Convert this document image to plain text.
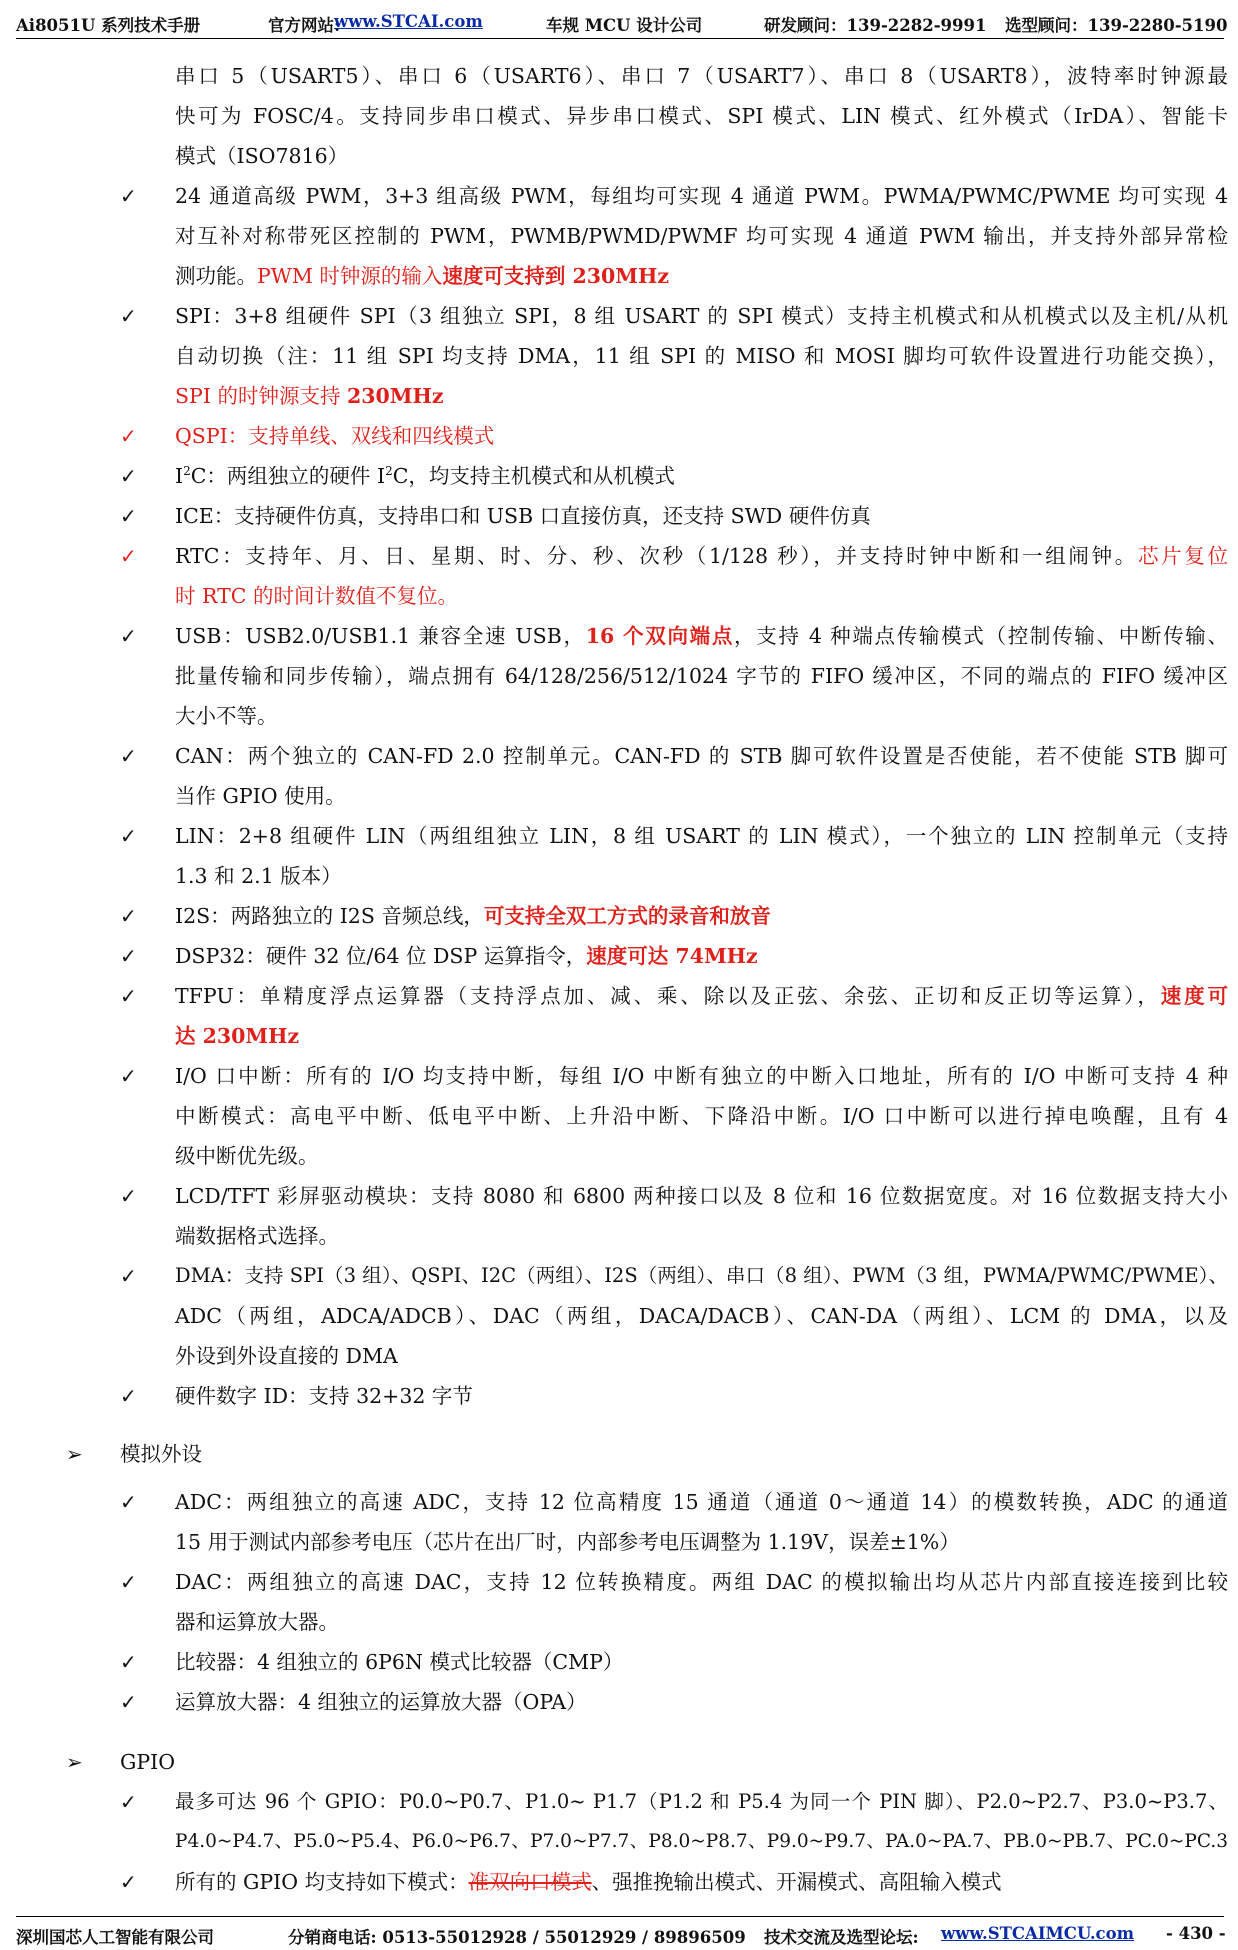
Ai8051U 系列技术手册	官方网站:
www.STCAI.com	车规 MCU 设计公司	研发顾问：139-2282-9991 选型顾问：139-2280-5190
串口 5（USART5）、串口 6（USART6）、串口 7（USART7）、串口 8（USART8），波特率时钟源最
快可为 FOSC/4。支持同步串口模式、异步串口模式、SPI 模式、LIN 模式、红外模式（IrDA）、智能卡
模式（ISO7816）
✓ 24 通道高级 PWM，3+3 组高级 PWM，每组均可实现 4 通道 PWM。PWMA/PWMC/PWME 均可实现 4
对互补对称带死区控制的 PWM，PWMB/PWMD/PWMF 均可实现 4 通道 PWM 输出，并支持外部异常检
测功能。PWM 时钟源的输入速度可支持到 230MHz
✓ SPI：3+8 组硬件 SPI（3 组独立 SPI，8 组 USART 的 SPI 模式）支持主机模式和从机模式以及主机/从机
自动切换（注：11 组 SPI 均支持 DMA，11 组 SPI 的 MISO 和 MOSI 脚均可软件设置进行功能交换），
SPI 的时钟源支持 230MHz
✓ QSPI：支持单线、双线和四线模式
✓ $I^2C$：两组独立的硬件 $I^2C$，均支持主机模式和从机模式
✓ ICE：支持硬件仿真，支持串口和 USB 口直接仿真，还支持 SWD 硬件仿真
✓ RTC：支持年、月、日、星期、时、分、秒、次秒（1/128 秒），并支持时钟中断和一组闹钟。芯片复位
时 RTC 的时间计数值不复位。
✓ USB：USB2.0/USB1.1 兼容全速 USB，16 个双向端点，支持 4 种端点传输模式（控制传输、中断传输、
批量传输和同步传输），端点拥有 64/128/256/512/1024 字节的 FIFO 缓冲区，不同的端点的 FIFO 缓冲区
大小不等。
✓ CAN：两个独立的 CAN-FD 2.0 控制单元。CAN-FD 的 STB 脚可软件设置是否使能，若不使能 STB 脚可
当作 GPIO 使用。
✓ LIN：2+8 组硬件 LIN（两组组独立 LIN，8 组 USART 的 LIN 模式），一个独立的 LIN 控制单元（支持
1.3 和 2.1 版本）
✓ I2S：两路独立的 I2S 音频总线，可支持全双工方式的录音和放音
✓ DSP32：硬件 32 位/64 位 DSP 运算指令，速度可达 74MHz
✓ TFPU：单精度浮点运算器（支持浮点加、减、乘、除以及正弦、余弦、正切和反正切等运算），速度可
达 230MHz
✓ I/O 口中断：所有的 I/O 均支持中断，每组 I/O 中断有独立的中断入口地址，所有的 I/O 中断可支持 4 种
中断模式：高电平中断、低电平中断、上升沿中断、下降沿中断。I/O 口中断可以进行掉电唤醒，且有 4
级中断优先级。
✓ LCD/TFT 彩屏驱动模块：支持 8080 和 6800 两种接口以及 8 位和 16 位数据宽度。对 16 位数据支持大小
端数据格式选择。
✓ DMA：支持 SPI（3 组）、QSPI、I2C（两组）、I2S（两组）、串口（8 组）、PWM（3 组，PWMA/PWMC/PWME）、
ADC（两组，ADCA/ADCB）、DAC（两组，DACA/DACB）、CAN-DA（两组）、LCM 的 DMA，以及
外设到外设直接的 DMA
✓ 硬件数字 ID：支持 32+32 字节
➢ 模拟外设
✓ ADC：两组独立的高速 ADC，支持 12 位高精度 15 通道（通道 0～通道 14）的模数转换，ADC 的通道
15 用于测试内部参考电压（芯片在出厂时，内部参考电压调整为 1.19V，误差±1%）
✓ DAC：两组独立的高速 DAC，支持 12 位转换精度。两组 DAC 的模拟输出均从芯片内部直接连接到比较
器和运算放大器。
✓ 比较器：4 组独立的 6P6N 模式比较器（CMP）
✓ 运算放大器：4 组独立的运算放大器（OPA）
➢ GPIO
✓ 最多可达 96 个 GPIO：P0.0~P0.7、P1.0~ P1.7（P1.2 和 P5.4 为同一个 PIN 脚）、P2.0~P2.7、P3.0~P3.7、
P4.0~P4.7、P5.0~P5.4、P6.0~P6.7、P7.0~P7.7、P8.0~P8.7、P9.0~P9.7、PA.0~PA.7、PB.0~PB.7、PC.0~PC.3
✓ 所有的 GPIO 均支持如下模式：准双向口模式、强推挽输出模式、开漏模式、高阻输入模式
深圳国芯人工智能有限公司	分销商电话: 0513-55012928 / 55012929 / 89896509 技术交流及选型论坛: www.STCAIMCU.com - 430 -
